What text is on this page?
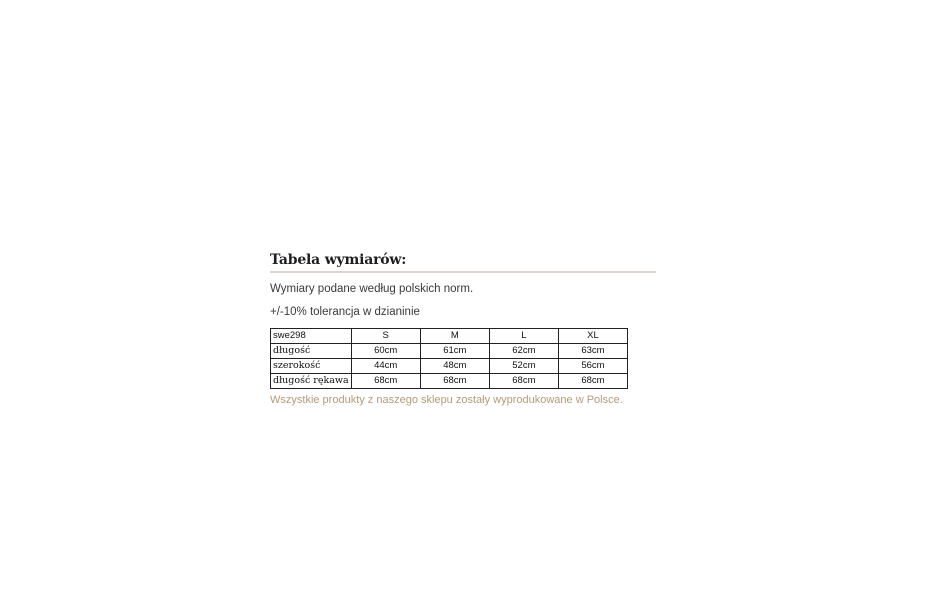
Tabela wymiarów:

Wymiary podane według polskich norm.

+/-10% tolerancja w dzianinie

swe298	S	M	L	XL
długość	60cm	61cm	62cm	63cm
szerokość	44cm	48cm	52cm	56cm
długość rękawa	68cm	68cm	68cm	68cm

Wszystkie produkty z naszego sklepu zostały wyprodukowane w Polsce.
